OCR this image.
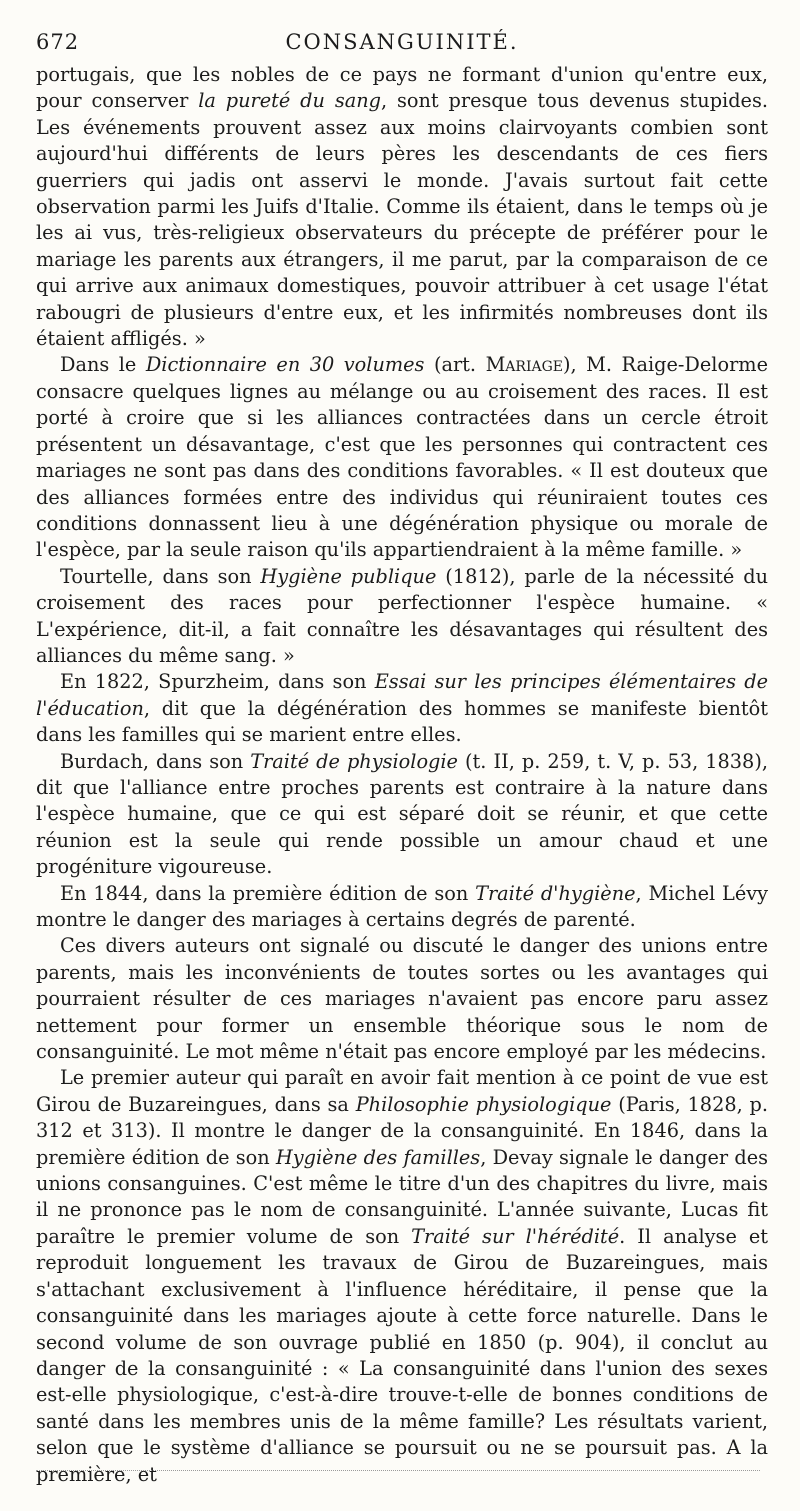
672	CONSANGUINITÉ.

portugais, que les nobles de ce pays ne formant d'union qu'entre eux, pour conserver la pureté du sang, sont presque tous devenus stupides. Les événements prouvent assez aux moins clairvoyants combien sont aujourd'hui différents de leurs pères les descendants de ces fiers guerriers qui jadis ont asservi le monde. J'avais surtout fait cette observation parmi les Juifs d'Italie. Comme ils étaient, dans le temps où je les ai vus, très-religieux observateurs du précepte de préférer pour le mariage les parents aux étrangers, il me parut, par la comparaison de ce qui arrive aux animaux domestiques, pouvoir attribuer à cet usage l'état rabougri de plusieurs d'entre eux, et les infirmités nombreuses dont ils étaient affligés. »

Dans le Dictionnaire en 30 volumes (art. Mariage), M. Raige-Delorme consacre quelques lignes au mélange ou au croisement des races. Il est porté à croire que si les alliances contractées dans un cercle étroit présentent un désavantage, c'est que les personnes qui contractent ces mariages ne sont pas dans des conditions favorables. « Il est douteux que des alliances formées entre des individus qui réuniraient toutes ces conditions donnassent lieu à une dégénération physique ou morale de l'espèce, par la seule raison qu'ils appartiendraient à la même famille. »

Tourtelle, dans son Hygiène publique (1812), parle de la nécessité du croisement des races pour perfectionner l'espèce humaine. « L'expérience, dit-il, a fait connaître les désavantages qui résultent des alliances du même sang. »

En 1822, Spurzheim, dans son Essai sur les principes élémentaires de l'éducation, dit que la dégénération des hommes se manifeste bientôt dans les familles qui se marient entre elles.

Burdach, dans son Traité de physiologie (t. II, p. 259, t. V, p. 53, 1838), dit que l'alliance entre proches parents est contraire à la nature dans l'espèce humaine, que ce qui est séparé doit se réunir, et que cette réunion est la seule qui rende possible un amour chaud et une progéniture vigoureuse.

En 1844, dans la première édition de son Traité d'hygiène, Michel Lévy montre le danger des mariages à certains degrés de parenté.

Ces divers auteurs ont signalé ou discuté le danger des unions entre parents, mais les inconvénients de toutes sortes ou les avantages qui pourraient résulter de ces mariages n'avaient pas encore paru assez nettement pour former un ensemble théorique sous le nom de consanguinité. Le mot même n'était pas encore employé par les médecins.

Le premier auteur qui paraît en avoir fait mention à ce point de vue est Girou de Buzareingues, dans sa Philosophie physiologique (Paris, 1828, p. 312 et 313). Il montre le danger de la consanguinité. En 1846, dans la première édition de son Hygiène des familles, Devay signale le danger des unions consanguines. C'est même le titre d'un des chapitres du livre, mais il ne prononce pas le nom de consanguinité. L'année suivante, Lucas fit paraître le premier volume de son Traité sur l'hérédité. Il analyse et reproduit longuement les travaux de Girou de Buzareingues, mais s'attachant exclusivement à l'influence héréditaire, il pense que la consanguinité dans les mariages ajoute à cette force naturelle. Dans le second volume de son ouvrage publié en 1850 (p. 904), il conclut au danger de la consanguinité : « La consanguinité dans l'union des sexes est-elle physiologique, c'est-à-dire trouve-t-elle de bonnes conditions de santé dans les membres unis de la même famille? Les résultats varient, selon que le système d'alliance se poursuit ou ne se poursuit pas. A la première, et
